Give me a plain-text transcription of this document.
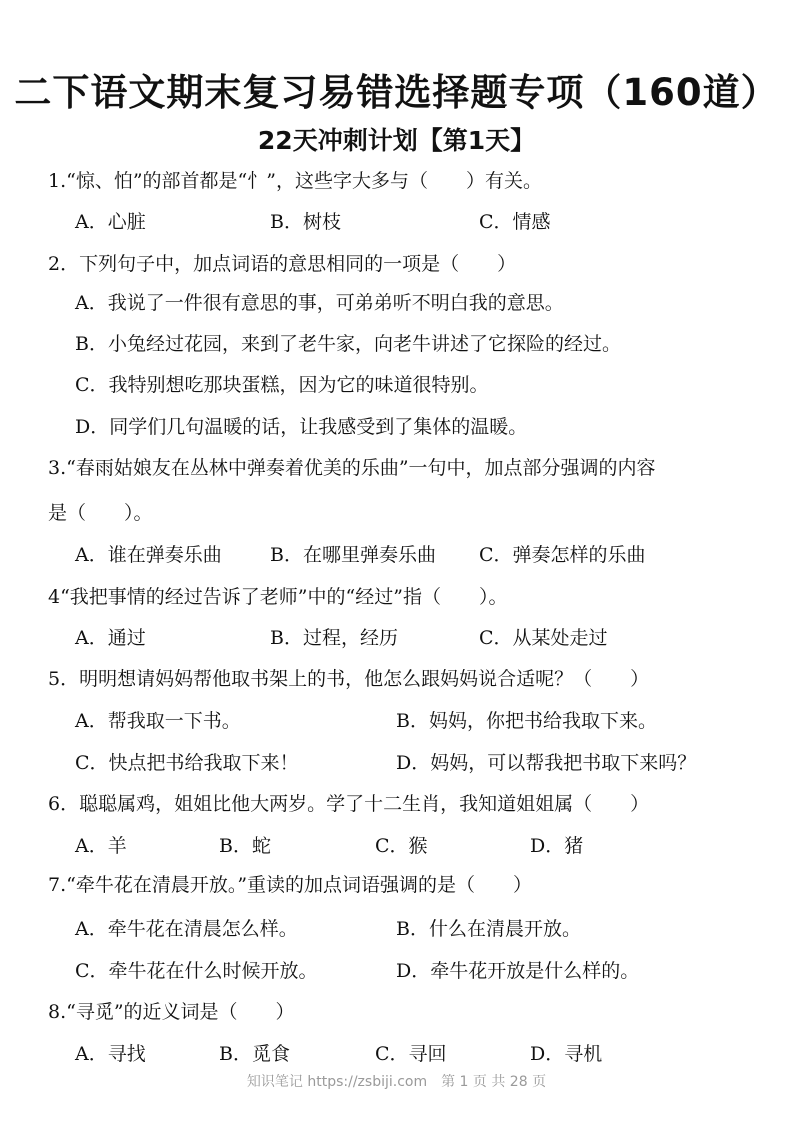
二下语文期末复习易错选择题专项（160道）
22天冲刺计划【第1天】
1.“惊、怕”的部首都是“忄”，这些字大多与（　　）有关。
A．心脏	B．树枝	C．情感
2．下列句子中，加点词语的意思相同的一项是（　　）
A．我说了一件很有意思的事，可弟弟听不明白我的意思。
B．小兔经过花园，来到了老牛家，向老牛讲述了它探险的经过。
C．我特别想吃那块蛋糕，因为它的味道很特别。
D．同学们几句温暖的话，让我感受到了集体的温暖。
3.“春雨姑娘友在丛林中弹奏着优美的乐曲”一句中，加点部分强调的内容
是（　　）。
A．谁在弹奏乐曲	B．在哪里弹奏乐曲 C．弹奏怎样的乐曲
4“我把事情的经过告诉了老师”中的“经过”指（　　）。
A．通过	B．过程，经历	C．从某处走过
5．明明想请妈妈帮他取书架上的书，他怎么跟妈妈说合适呢？（　　）
A．帮我取一下书。	B．妈妈，你把书给我取下来。
C．快点把书给我取下来！	D．妈妈，可以帮我把书取下来吗？
6．聪聪属鸡，姐姐比他大两岁。学了十二生肖，我知道姐姐属（　　）
A．羊	B．蛇	C．猴	D．猪
7.“牵牛花在清晨开放。”重读的加点词语强调的是（　　）
A．牵牛花在清晨怎么样。	B．什么在清晨开放。
C．牵牛花在什么时候开放。	D．牵牛花开放是什么样的。
8.“寻觅”的近义词是（　　）
A．寻找	B．觅食	C．寻回	D．寻机
知识笔记 https://zsbiji.com　第 1 页 共 28 页
